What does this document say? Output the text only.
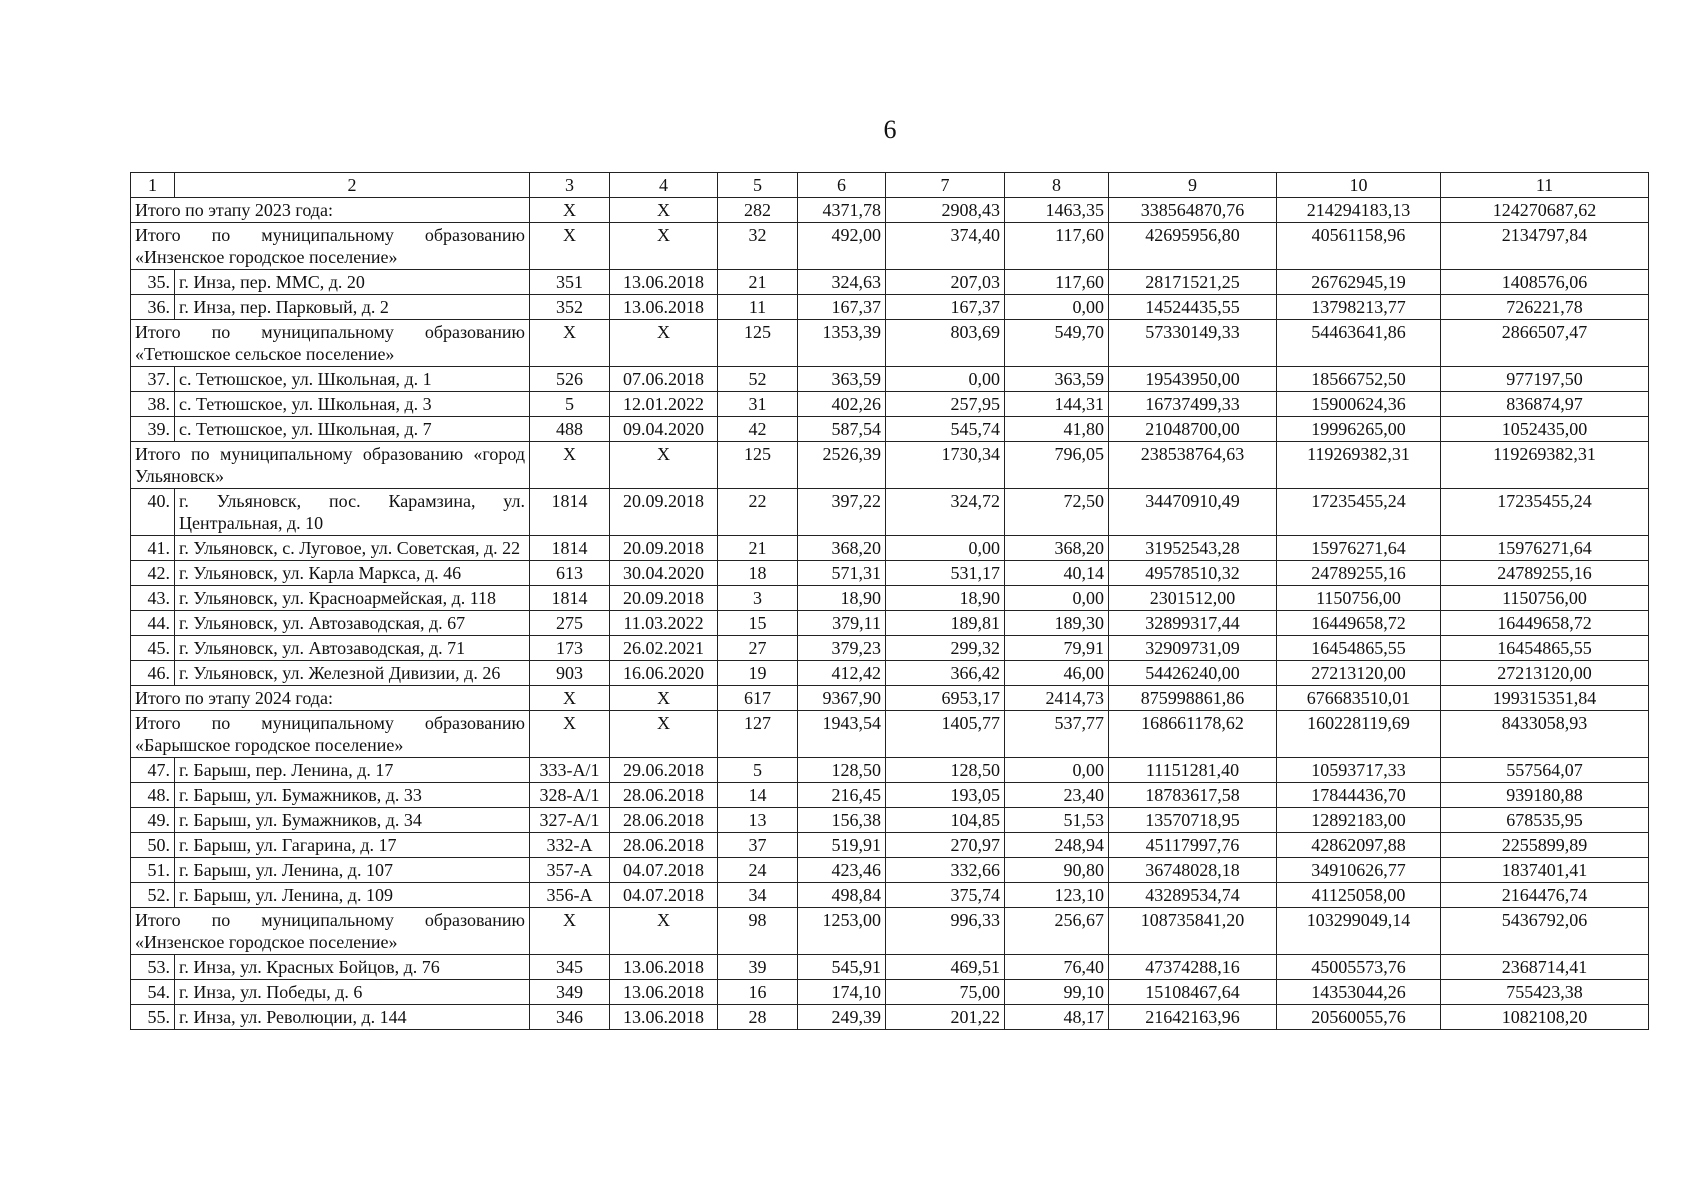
6
1	2	3	4	5	6	7	8	9	10	11
Итого по этапу 2023 года:		Х	Х	282	4371,78	2908,43	1463,35	338564870,76	214294183,13	124270687,62
Итого по муниципальному образованию «Инзенское городское поселение»		Х	Х	32	492,00	374,40	117,60	42695956,80	40561158,96	2134797,84
35.	г. Инза, пер. ММС, д. 20	351	13.06.2018	21	324,63	207,03	117,60	28171521,25	26762945,19	1408576,06
36.	г. Инза, пер. Парковый, д. 2	352	13.06.2018	11	167,37	167,37	0,00	14524435,55	13798213,77	726221,78
Итого по муниципальному образованию «Тетюшское сельское поселение»		Х	Х	125	1353,39	803,69	549,70	57330149,33	54463641,86	2866507,47
37.	с. Тетюшское, ул. Школьная, д. 1	526	07.06.2018	52	363,59	0,00	363,59	19543950,00	18566752,50	977197,50
38.	с. Тетюшское, ул. Школьная, д. 3	5	12.01.2022	31	402,26	257,95	144,31	16737499,33	15900624,36	836874,97
39.	с. Тетюшское, ул. Школьная, д. 7	488	09.04.2020	42	587,54	545,74	41,80	21048700,00	19996265,00	1052435,00
Итого по муниципальному образованию «город Ульяновск»		Х	Х	125	2526,39	1730,34	796,05	238538764,63	119269382,31	119269382,31
40.	г. Ульяновск, пос. Карамзина, ул. Центральная, д. 10	1814	20.09.2018	22	397,22	324,72	72,50	34470910,49	17235455,24	17235455,24
41.	г. Ульяновск, с. Луговое, ул. Советская, д. 22	1814	20.09.2018	21	368,20	0,00	368,20	31952543,28	15976271,64	15976271,64
42.	г. Ульяновск, ул. Карла Маркса, д. 46	613	30.04.2020	18	571,31	531,17	40,14	49578510,32	24789255,16	24789255,16
43.	г. Ульяновск, ул. Красноармейская, д. 118	1814	20.09.2018	3	18,90	18,90	0,00	2301512,00	1150756,00	1150756,00
44.	г. Ульяновск, ул. Автозаводская, д. 67	275	11.03.2022	15	379,11	189,81	189,30	32899317,44	16449658,72	16449658,72
45.	г. Ульяновск, ул. Автозаводская, д. 71	173	26.02.2021	27	379,23	299,32	79,91	32909731,09	16454865,55	16454865,55
46.	г. Ульяновск, ул. Железной Дивизии, д. 26	903	16.06.2020	19	412,42	366,42	46,00	54426240,00	27213120,00	27213120,00
Итого по этапу 2024 года:		Х	Х	617	9367,90	6953,17	2414,73	875998861,86	676683510,01	199315351,84
Итого по муниципальному образованию «Барышское городское поселение»		Х	Х	127	1943,54	1405,77	537,77	168661178,62	160228119,69	8433058,93
47.	г. Барыш, пер. Ленина, д. 17	333-А/1	29.06.2018	5	128,50	128,50	0,00	11151281,40	10593717,33	557564,07
48.	г. Барыш, ул. Бумажников, д. 33	328-А/1	28.06.2018	14	216,45	193,05	23,40	18783617,58	17844436,70	939180,88
49.	г. Барыш, ул. Бумажников, д. 34	327-А/1	28.06.2018	13	156,38	104,85	51,53	13570718,95	12892183,00	678535,95
50.	г. Барыш, ул. Гагарина, д. 17	332-А	28.06.2018	37	519,91	270,97	248,94	45117997,76	42862097,88	2255899,89
51.	г. Барыш, ул. Ленина, д. 107	357-А	04.07.2018	24	423,46	332,66	90,80	36748028,18	34910626,77	1837401,41
52.	г. Барыш, ул. Ленина, д. 109	356-А	04.07.2018	34	498,84	375,74	123,10	43289534,74	41125058,00	2164476,74
Итого по муниципальному образованию «Инзенское городское поселение»		Х	Х	98	1253,00	996,33	256,67	108735841,20	103299049,14	5436792,06
53.	г. Инза, ул. Красных Бойцов, д. 76	345	13.06.2018	39	545,91	469,51	76,40	47374288,16	45005573,76	2368714,41
54.	г. Инза, ул. Победы, д. 6	349	13.06.2018	16	174,10	75,00	99,10	15108467,64	14353044,26	755423,38
55.	г. Инза, ул. Революции, д. 144	346	13.06.2018	28	249,39	201,22	48,17	21642163,96	20560055,76	1082108,20
